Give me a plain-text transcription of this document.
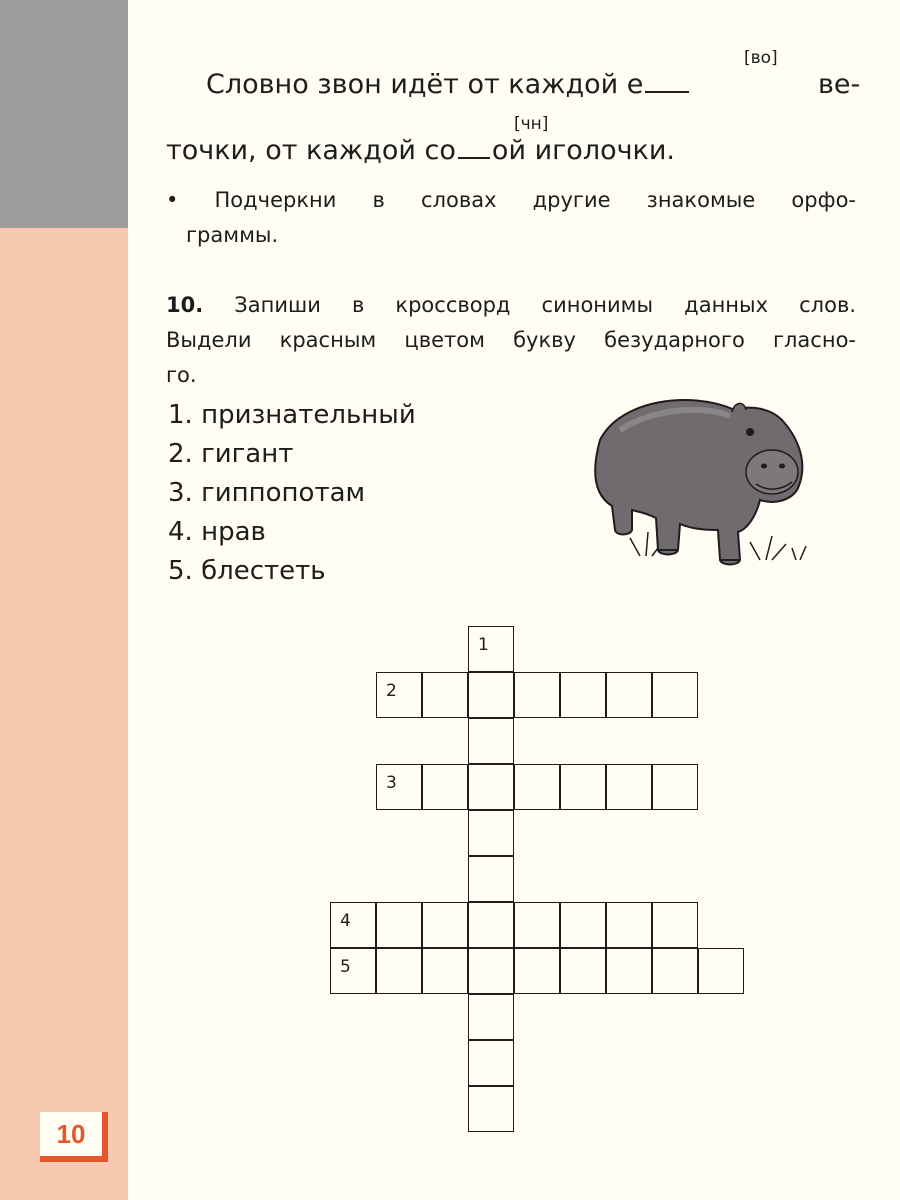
10
[во]
Словно звон идёт от каждой е	ве-
[чн]
точки, от каждой со ой иголочки.
• Подчеркни в словах другие знакомые орфо-
граммы.
10. Запиши в кроссворд синонимы данных слов.
Выдели красным цветом букву безударного гласно-
го.
1. признательный
2. гигант
3. гиппопотам
4. нрав
5. блестеть
1
2
3
4
5
